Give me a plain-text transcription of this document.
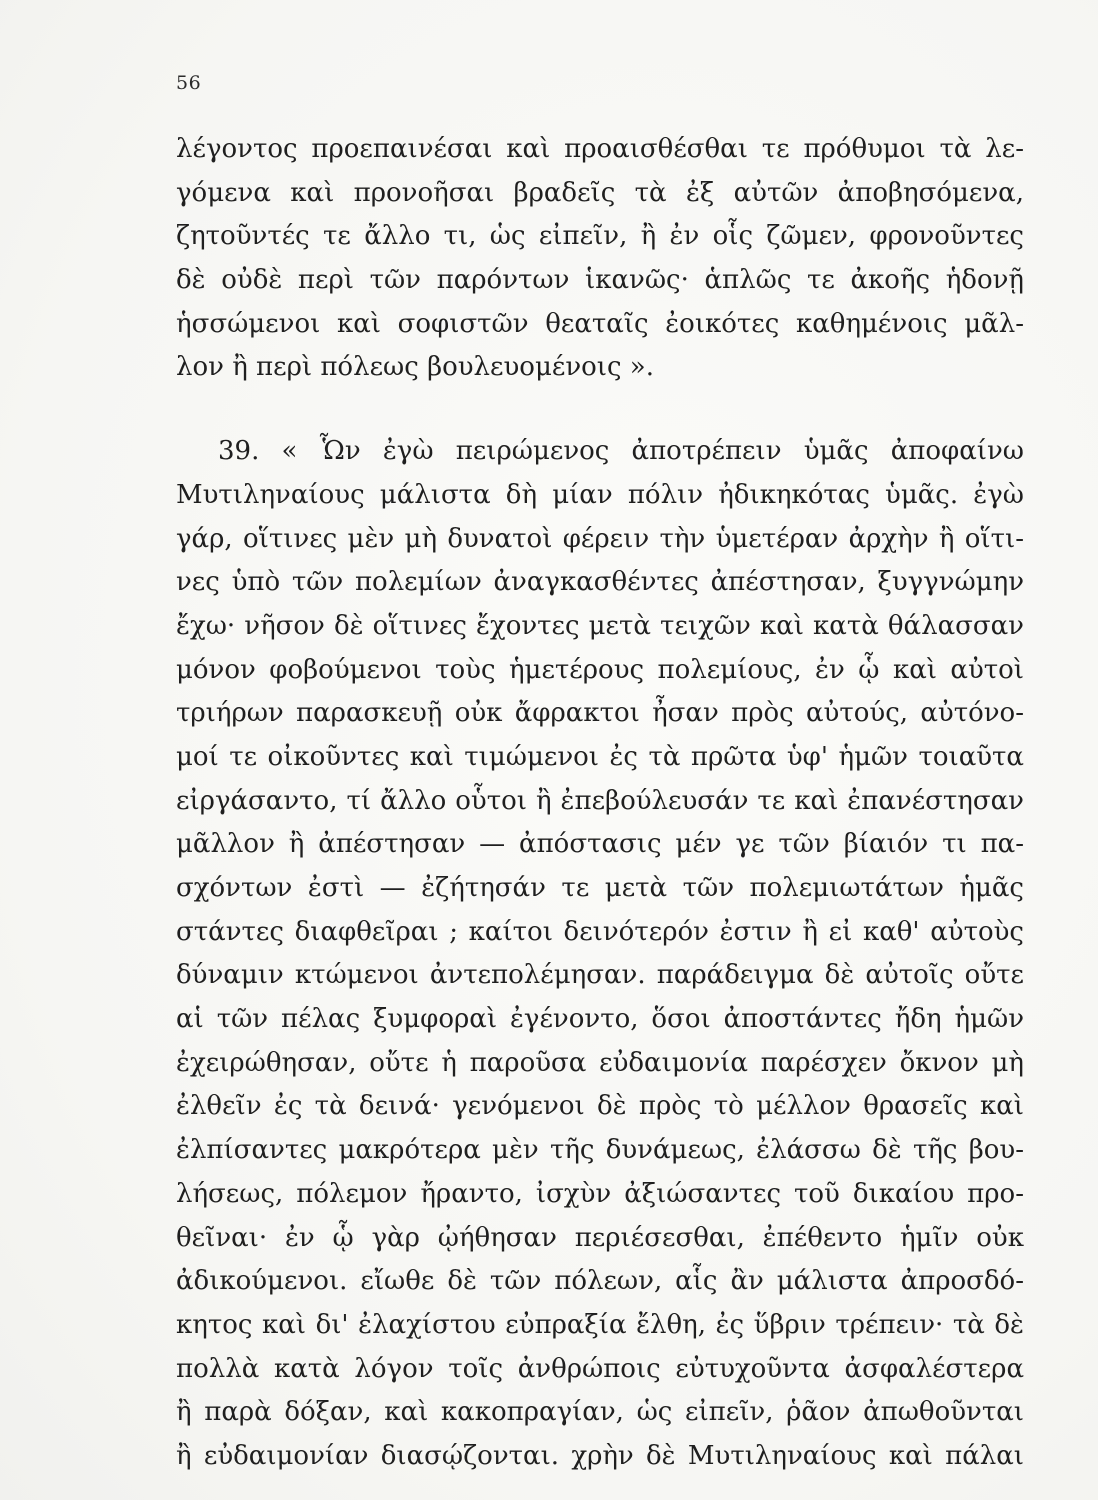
56
λέγοντος προεπαινέσαι καὶ προαισθέσθαι τε πρόθυμοι τὰ λε-
γόμενα καὶ προνοῆσαι βραδεῖς τὰ ἐξ αὐτῶν ἀποβησόμενα,
ζητοῦντές τε ἄλλο τι, ὡς εἰπεῖν, ἢ ἐν οἷς ζῶμεν, φρονοῦντες
δὲ οὐδὲ περὶ τῶν παρόντων ἱκανῶς· ἁπλῶς τε ἀκοῆς ἡδονῇ
ἡσσώμενοι καὶ σοφιστῶν θεαταῖς ἐοικότες καθημένοις μᾶλ-
λον ἢ περὶ πόλεως βουλευομένοις ».
39. « Ὧν ἐγὼ πειρώμενος ἀποτρέπειν ὑμᾶς ἀποφαίνω
Μυτιληναίους μάλιστα δὴ μίαν πόλιν ἠδικηκότας ὑμᾶς. ἐγὼ
γάρ, οἵτινες μὲν μὴ δυνατοὶ φέρειν τὴν ὑμετέραν ἀρχὴν ἢ οἵτι-
νες ὑπὸ τῶν πολεμίων ἀναγκασθέντες ἀπέστησαν, ξυγγνώμην
ἔχω· νῆσον δὲ οἵτινες ἔχοντες μετὰ τειχῶν καὶ κατὰ θάλασσαν
μόνον φοβούμενοι τοὺς ἡμετέρους πολεμίους, ἐν ᾧ καὶ αὐτοὶ
τριήρων παρασκευῇ οὐκ ἄφρακτοι ἦσαν πρὸς αὐτούς, αὐτόνο-
μοί τε οἰκοῦντες καὶ τιμώμενοι ἐς τὰ πρῶτα ὑφ' ἡμῶν τοιαῦτα
εἰργάσαντο, τί ἄλλο οὗτοι ἢ ἐπεβούλευσάν τε καὶ ἐπανέστησαν
μᾶλλον ἢ ἀπέστησαν — ἀπόστασις μέν γε τῶν βίαιόν τι πα-
σχόντων ἐστὶ — ἐζήτησάν τε μετὰ τῶν πολεμιωτάτων ἡμᾶς
στάντες διαφθεῖραι ; καίτοι δεινότερόν ἐστιν ἢ εἰ καθ' αὐτοὺς
δύναμιν κτώμενοι ἀντεπολέμησαν. παράδειγμα δὲ αὐτοῖς οὔτε
αἱ τῶν πέλας ξυμφοραὶ ἐγένοντο, ὅσοι ἀποστάντες ἤδη ἡμῶν
ἐχειρώθησαν, οὔτε ἡ παροῦσα εὐδαιμονία παρέσχεν ὄκνον μὴ
ἐλθεῖν ἐς τὰ δεινά· γενόμενοι δὲ πρὸς τὸ μέλλον θρασεῖς καὶ
ἐλπίσαντες μακρότερα μὲν τῆς δυνάμεως, ἐλάσσω δὲ τῆς βου-
λήσεως, πόλεμον ἤραντο, ἰσχὺν ἀξιώσαντες τοῦ δικαίου προ-
θεῖναι· ἐν ᾧ γὰρ ᾠήθησαν περιέσεσθαι, ἐπέθεντο ἡμῖν οὐκ
ἀδικούμενοι. εἴωθε δὲ τῶν πόλεων, αἷς ἂν μάλιστα ἀπροσδό-
κητος καὶ δι' ἐλαχίστου εὐπραξία ἔλθη, ἐς ὕβριν τρέπειν· τὰ δὲ
πολλὰ κατὰ λόγον τοῖς ἀνθρώποις εὐτυχοῦντα ἀσφαλέστερα
ἢ παρὰ δόξαν, καὶ κακοπραγίαν, ὡς εἰπεῖν, ῥᾶον ἀπωθοῦνται
ἢ εὐδαιμονίαν διασῴζονται. χρὴν δὲ Μυτιληναίους καὶ πάλαι
